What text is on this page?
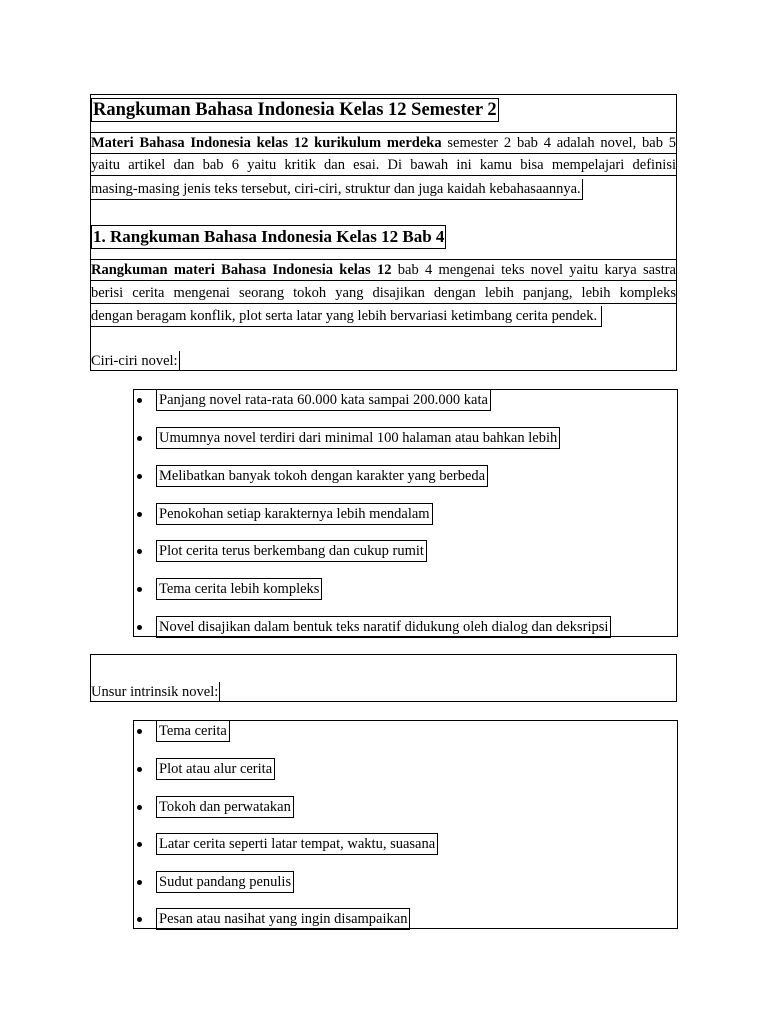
Rangkuman Bahasa Indonesia Kelas 12 Semester 2
Materi Bahasa Indonesia kelas 12 kurikulum merdeka semester 2 bab 4 adalah novel, bab 5
yaitu artikel dan bab 6 yaitu kritik dan esai. Di bawah ini kamu bisa mempelajari definisi
masing-masing jenis teks tersebut, ciri-ciri, struktur dan juga kaidah kebahasaannya.
1. Rangkuman Bahasa Indonesia Kelas 12 Bab 4
Rangkuman materi Bahasa Indonesia kelas 12 bab 4 mengenai teks novel yaitu karya sastra
berisi cerita mengenai seorang tokoh yang disajikan dengan lebih panjang, lebih kompleks
dengan beragam konflik, plot serta latar yang lebih bervariasi ketimbang cerita pendek.
Ciri-ciri novel:
Panjang novel rata-rata 60.000 kata sampai 200.000 kata
Umumnya novel terdiri dari minimal 100 halaman atau bahkan lebih
Melibatkan banyak tokoh dengan karakter yang berbeda
Penokohan setiap karakternya lebih mendalam
Plot cerita terus berkembang dan cukup rumit
Tema cerita lebih kompleks
Novel disajikan dalam bentuk teks naratif didukung oleh dialog dan deksripsi
Unsur intrinsik novel:
Tema cerita
Plot atau alur cerita
Tokoh dan perwatakan
Latar cerita seperti latar tempat, waktu, suasana
Sudut pandang penulis
Pesan atau nasihat yang ingin disampaikan
